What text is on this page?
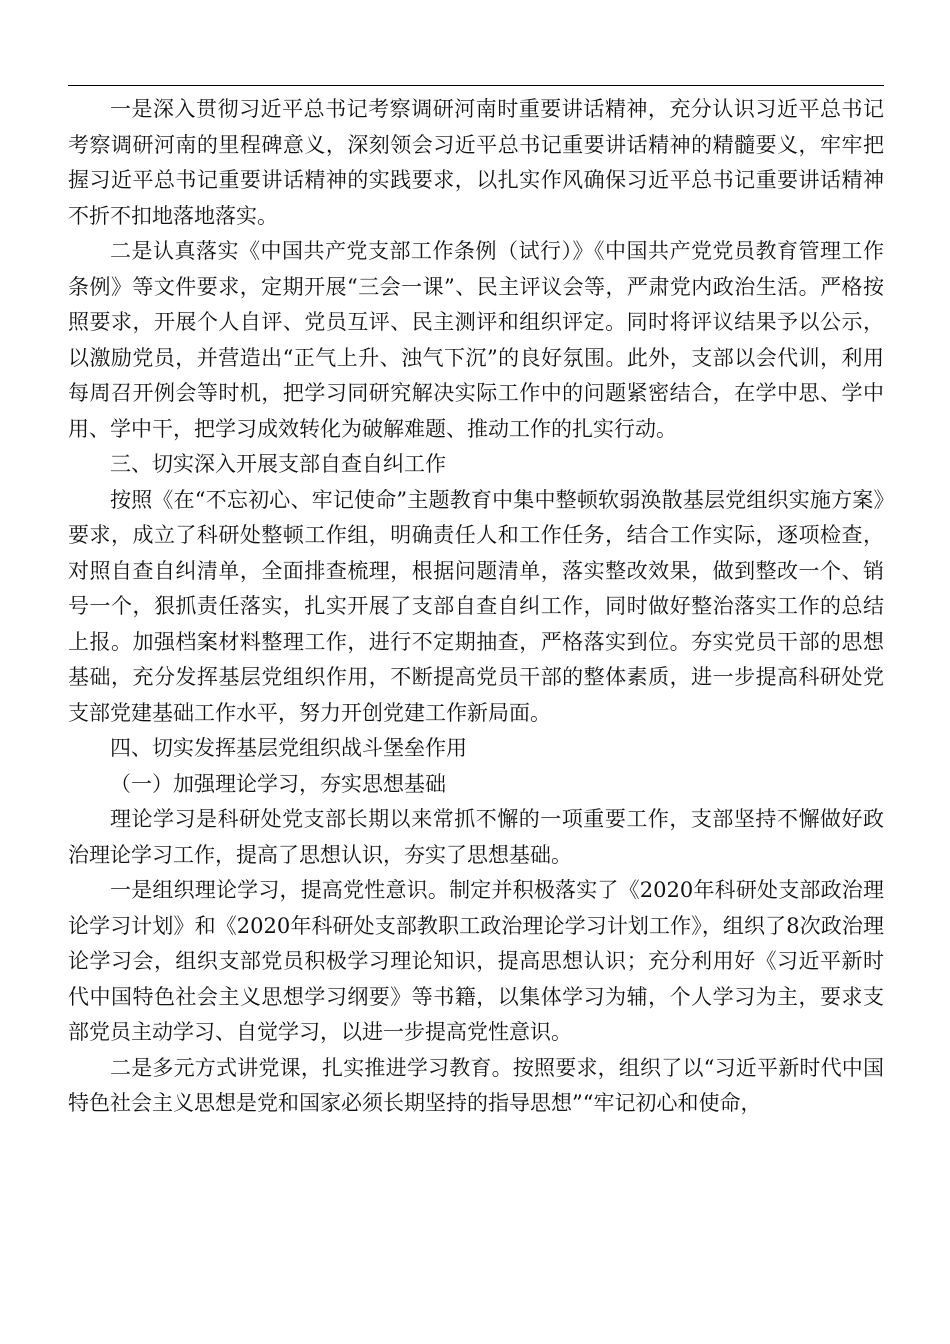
一是深入贯彻习近平总书记考察调研河南时重要讲话精神，充分认识习近平总书记考察调研河南的里程碑意义，深刻领会习近平总书记重要讲话精神的精髓要义，牢牢把握习近平总书记重要讲话精神的实践要求，以扎实作风确保习近平总书记重要讲话精神不折不扣地落地落实。

二是认真落实《中国共产党支部工作条例（试行）》《中国共产党党员教育管理工作条例》等文件要求，定期开展“三会一课”、民主评议会等，严肃党内政治生活。严格按照要求，开展个人自评、党员互评、民主测评和组织评定。同时将评议结果予以公示，以激励党员，并营造出“正气上升、浊气下沉”的良好氛围。此外，支部以会代训，利用每周召开例会等时机，把学习同研究解决实际工作中的问题紧密结合，在学中思、学中用、学中干，把学习成效转化为破解难题、推动工作的扎实行动。

三、切实深入开展支部自查自纠工作

按照《在“不忘初心、牢记使命”主题教育中集中整顿软弱涣散基层党组织实施方案》要求，成立了科研处整顿工作组，明确责任人和工作任务，结合工作实际，逐项检查，对照自查自纠清单，全面排查梳理，根据问题清单，落实整改效果，做到整改一个、销号一个，狠抓责任落实，扎实开展了支部自查自纠工作，同时做好整治落实工作的总结上报。加强档案材料整理工作，进行不定期抽查，严格落实到位。夯实党员干部的思想基础，充分发挥基层党组织作用，不断提高党员干部的整体素质，进一步提高科研处党支部党建基础工作水平，努力开创党建工作新局面。

四、切实发挥基层党组织战斗堡垒作用

（一）加强理论学习，夯实思想基础

理论学习是科研处党支部长期以来常抓不懈的一项重要工作，支部坚持不懈做好政治理论学习工作，提高了思想认识，夯实了思想基础。

一是组织理论学习，提高党性意识。制定并积极落实了《2020年科研处支部政治理论学习计划》和《2020年科研处支部教职工政治理论学习计划工作》，组织了8次政治理论学习会，组织支部党员积极学习理论知识，提高思想认识；充分利用好《习近平新时代中国特色社会主义思想学习纲要》等书籍，以集体学习为辅，个人学习为主，要求支部党员主动学习、自觉学习，以进一步提高党性意识。

二是多元方式讲党课，扎实推进学习教育。按照要求，组织了以“习近平新时代中国特色社会主义思想是党和国家必须长期坚持的指导思想”“牢记初心和使命，
